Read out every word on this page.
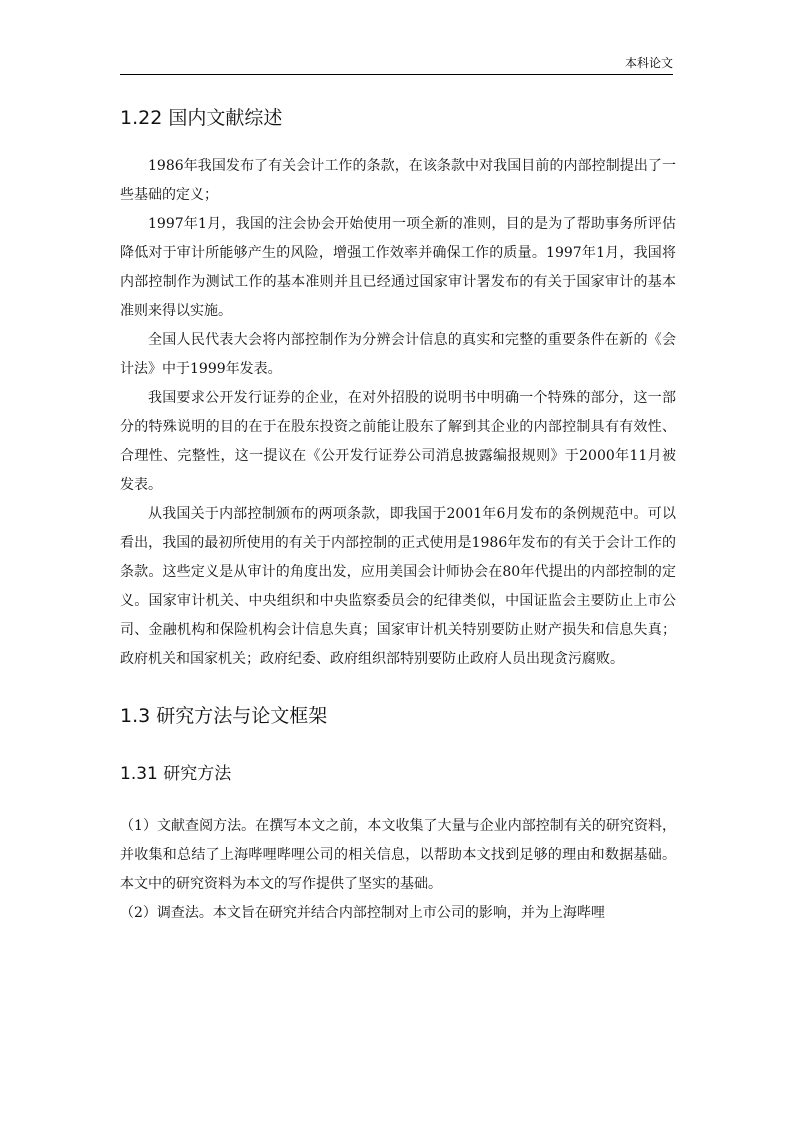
本科论文
1.22 国内文献综述

1986年我国发布了有关会计工作的条款，在该条款中对我国目前的内部控制提出了一些基础的定义；

1997年1月，我国的注会协会开始使用一项全新的准则，目的是为了帮助事务所评估降低对于审计所能够产生的风险，增强工作效率并确保工作的质量。1997年1月，我国将内部控制作为测试工作的基本准则并且已经通过国家审计署发布的有关于国家审计的基本准则来得以实施。

全国人民代表大会将内部控制作为分辨会计信息的真实和完整的重要条件在新的《会计法》中于1999年发表。

我国要求公开发行证券的企业，在对外招股的说明书中明确一个特殊的部分，这一部分的特殊说明的目的在于在股东投资之前能让股东了解到其企业的内部控制具有有效性、合理性、完整性，这一提议在《公开发行证券公司消息披露编报规则》于2000年11月被发表。

从我国关于内部控制颁布的两项条款，即我国于2001年6月发布的条例规范中。可以看出，我国的最初所使用的有关于内部控制的正式使用是1986年发布的有关于会计工作的条款。这些定义是从审计的角度出发，应用美国会计师协会在80年代提出的内部控制的定义。国家审计机关、中央组织和中央监察委员会的纪律类似，中国证监会主要防止上市公司、金融机构和保险机构会计信息失真；国家审计机关特别要防止财产损失和信息失真；政府机关和国家机关；政府纪委、政府组织部特别要防止政府人员出现贪污腐败。

1.3 研究方法与论文框架
1.31 研究方法

（1）文献查阅方法。在撰写本文之前，本文收集了大量与企业内部控制有关的研究资料，并收集和总结了上海哔哩哔哩公司的相关信息，以帮助本文找到足够的理由和数据基础。本文中的研究资料为本文的写作提供了坚实的基础。

（2）调查法。本文旨在研究并结合内部控制对上市公司的影响，并为上海哔哩
